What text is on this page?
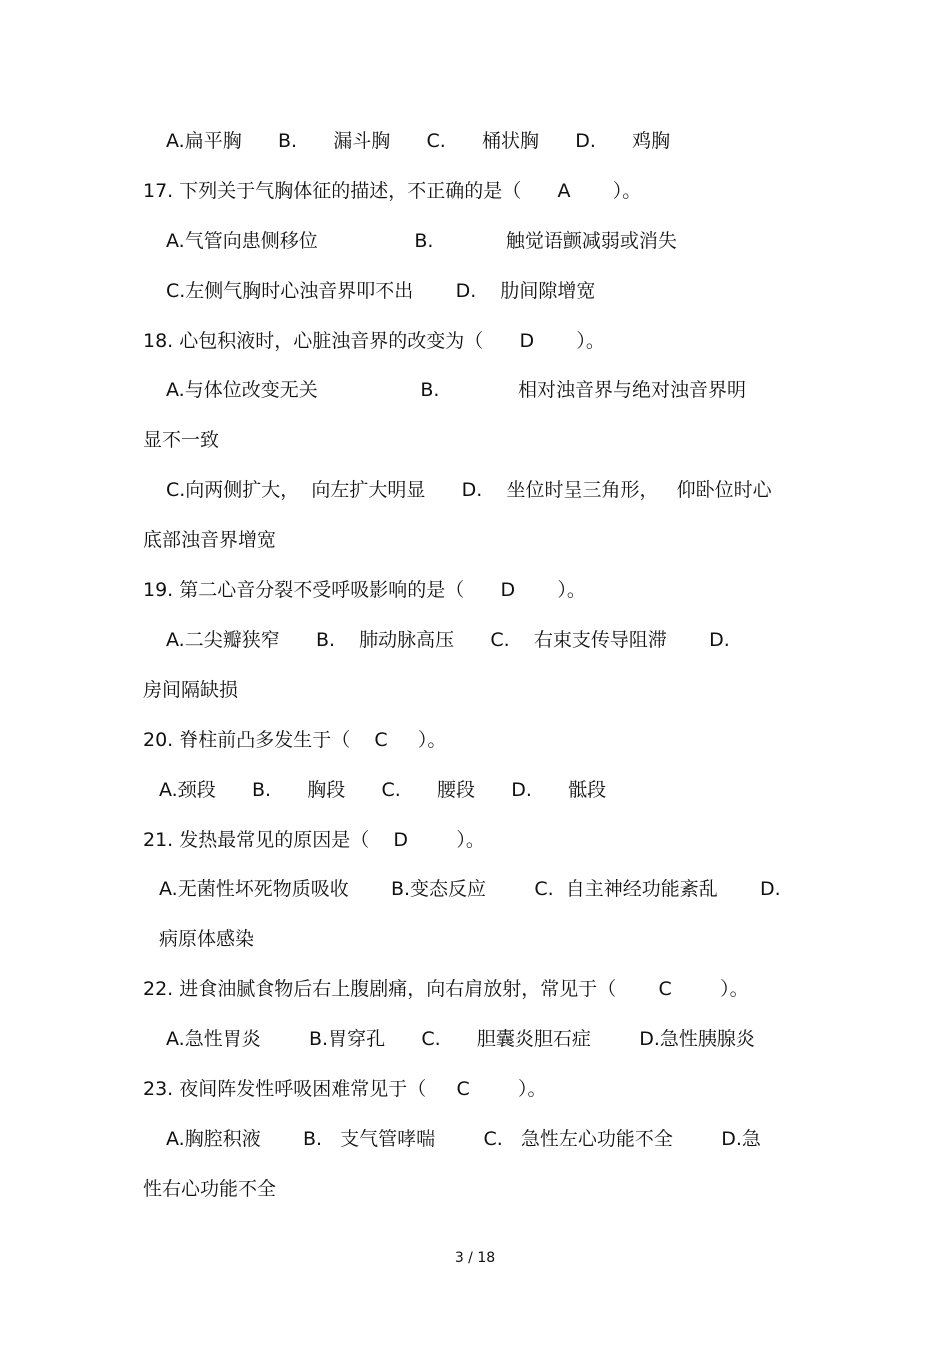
A.扁平胸      B.      漏斗胸      C.      桶状胸      D.      鸡胸

17. 下列关于气胸体征的描述，不正确的是（      A       ）。

A.气管向患侧移位                B.            触觉语颤减弱或消失

C.左侧气胸时心浊音界叩不出       D.    肋间隙增宽

18. 心包积液时，心脏浊音界的改变为（      D       ）。

A.与体位改变无关                 B.             相对浊音界与绝对浊音界明

显不一致

C.向两侧扩大，  向左扩大明显      D.    坐位时呈三角形，   仰卧位时心

底部浊音界增宽

19. 第二心音分裂不受呼吸影响的是（      D       ）。

A.二尖瓣狭窄      B.    肺动脉高压      C.    右束支传导阻滞       D.

房间隔缺损

20. 脊柱前凸多发生于（    C     ）。

A.颈段      B.      胸段      C.      腰段      D.      骶段

21. 发热最常见的原因是（    D        ）。

A.无菌性坏死物质吸收       B.变态反应        C.  自主神经功能紊乱       D.

病原体感染

22. 进食油腻食物后右上腹剧痛，向右肩放射，常见于（       C        ）。

A.急性胃炎        B.胃穿孔      C.      胆囊炎胆石症        D.急性胰腺炎

23. 夜间阵发性呼吸困难常见于（     C        ）。

A.胸腔积液       B.   支气管哮喘        C.   急性左心功能不全        D.急

性右心功能不全

3 / 18
